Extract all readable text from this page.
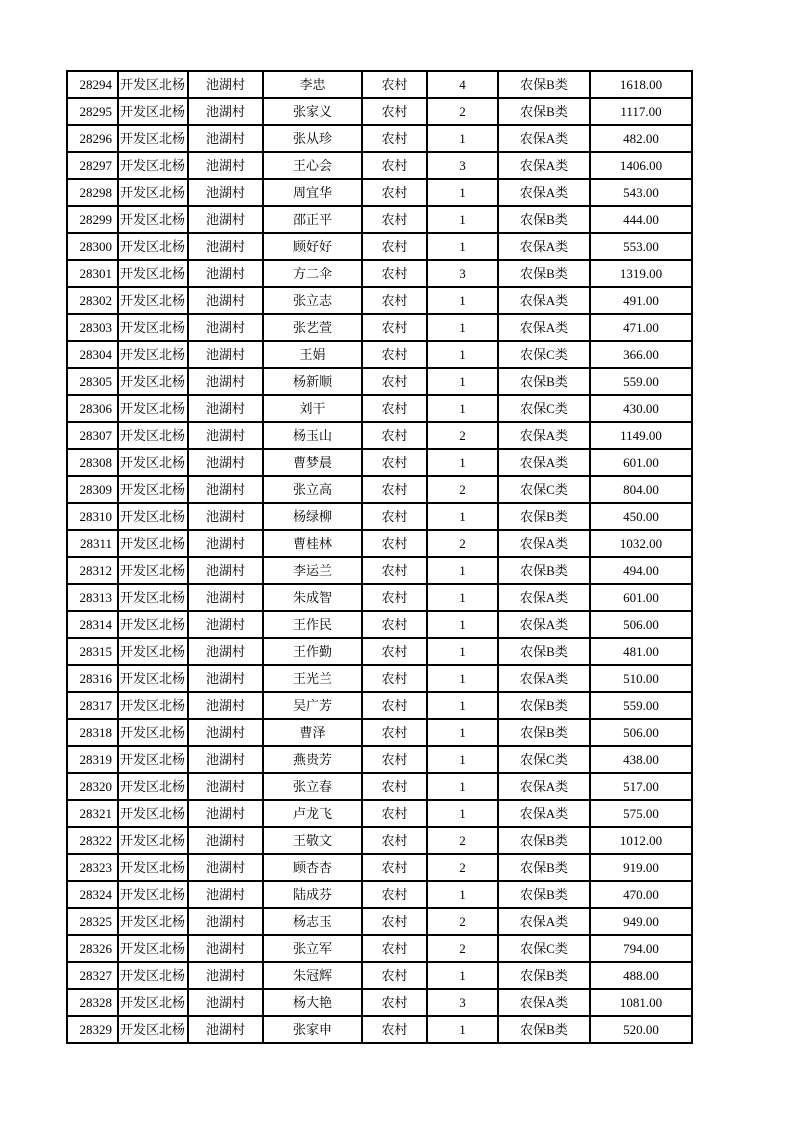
28294	开发区北杨	池湖村	李忠	农村	4	农保B类	1618.00
28295	开发区北杨	池湖村	张家义	农村	2	农保B类	1117.00
28296	开发区北杨	池湖村	张从珍	农村	1	农保A类	482.00
28297	开发区北杨	池湖村	王心会	农村	3	农保A类	1406.00
28298	开发区北杨	池湖村	周宜华	农村	1	农保A类	543.00
28299	开发区北杨	池湖村	邵正平	农村	1	农保B类	444.00
28300	开发区北杨	池湖村	顾好好	农村	1	农保A类	553.00
28301	开发区北杨	池湖村	方二伞	农村	3	农保B类	1319.00
28302	开发区北杨	池湖村	张立志	农村	1	农保A类	491.00
28303	开发区北杨	池湖村	张艺萱	农村	1	农保A类	471.00
28304	开发区北杨	池湖村	王娟	农村	1	农保C类	366.00
28305	开发区北杨	池湖村	杨新顺	农村	1	农保B类	559.00
28306	开发区北杨	池湖村	刘干	农村	1	农保C类	430.00
28307	开发区北杨	池湖村	杨玉山	农村	2	农保A类	1149.00
28308	开发区北杨	池湖村	曹梦晨	农村	1	农保A类	601.00
28309	开发区北杨	池湖村	张立高	农村	2	农保C类	804.00
28310	开发区北杨	池湖村	杨绿柳	农村	1	农保B类	450.00
28311	开发区北杨	池湖村	曹桂林	农村	2	农保A类	1032.00
28312	开发区北杨	池湖村	李运兰	农村	1	农保B类	494.00
28313	开发区北杨	池湖村	朱成智	农村	1	农保A类	601.00
28314	开发区北杨	池湖村	王作民	农村	1	农保A类	506.00
28315	开发区北杨	池湖村	王作勤	农村	1	农保B类	481.00
28316	开发区北杨	池湖村	王光兰	农村	1	农保A类	510.00
28317	开发区北杨	池湖村	吴广芳	农村	1	农保B类	559.00
28318	开发区北杨	池湖村	曹泽	农村	1	农保B类	506.00
28319	开发区北杨	池湖村	燕贵芳	农村	1	农保C类	438.00
28320	开发区北杨	池湖村	张立春	农村	1	农保A类	517.00
28321	开发区北杨	池湖村	卢龙飞	农村	1	农保A类	575.00
28322	开发区北杨	池湖村	王敬文	农村	2	农保B类	1012.00
28323	开发区北杨	池湖村	顾杏杏	农村	2	农保B类	919.00
28324	开发区北杨	池湖村	陆成芬	农村	1	农保B类	470.00
28325	开发区北杨	池湖村	杨志玉	农村	2	农保A类	949.00
28326	开发区北杨	池湖村	张立军	农村	2	农保C类	794.00
28327	开发区北杨	池湖村	朱冠辉	农村	1	农保B类	488.00
28328	开发区北杨	池湖村	杨大艳	农村	3	农保A类	1081.00
28329	开发区北杨	池湖村	张家申	农村	1	农保B类	520.00
